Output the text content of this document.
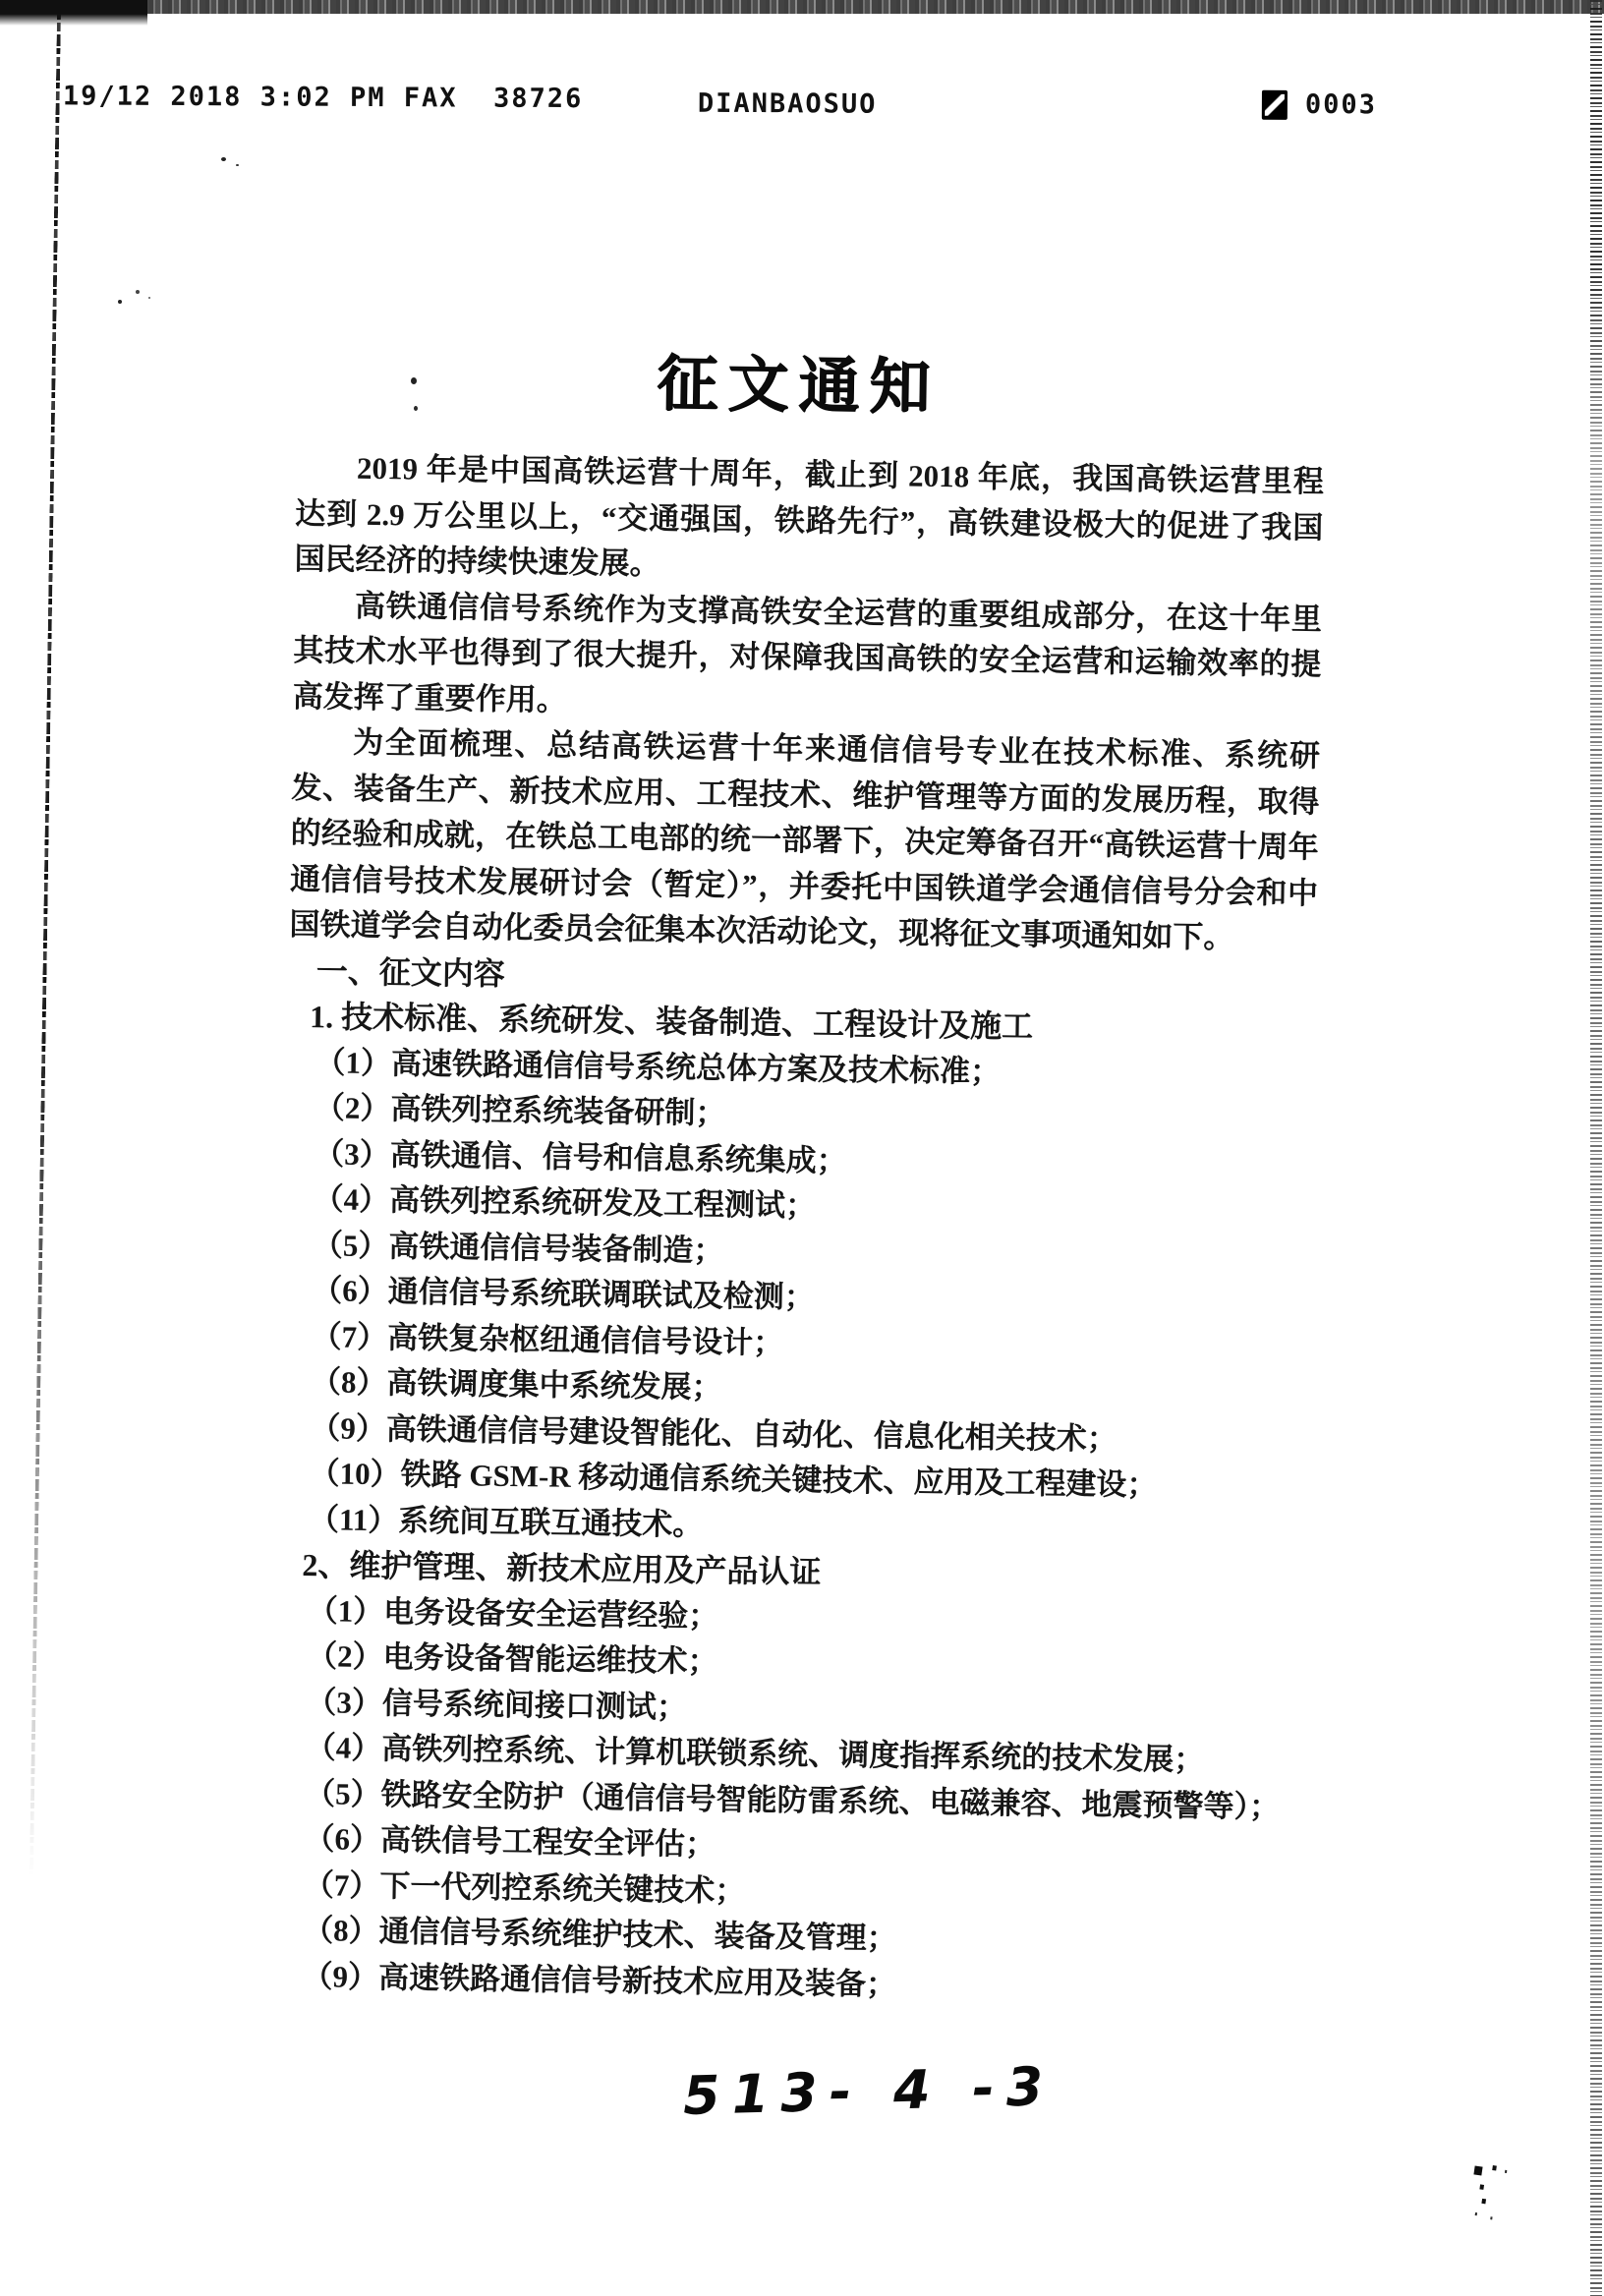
19/12 2018 3:02 PM FAX  38726	DIANBAOSUO	0003
征文通知

2019 年是中国高铁运营十周年，截止到 2018 年底，我国高铁运营里程达到 2.9 万公里以上，“交通强国，铁路先行”，高铁建设极大的促进了我国国民经济的持续快速发展。

高铁通信信号系统作为支撑高铁安全运营的重要组成部分，在这十年里其技术水平也得到了很大提升，对保障我国高铁的安全运营和运输效率的提高发挥了重要作用。

为全面梳理、总结高铁运营十年来通信信号专业在技术标准、系统研发、装备生产、新技术应用、工程技术、维护管理等方面的发展历程，取得的经验和成就，在铁总工电部的统一部署下，决定筹备召开“高铁运营十周年通信信号技术发展研讨会（暂定）”，并委托中国铁道学会通信信号分会和中国铁道学会自动化委员会征集本次活动论文，现将征文事项通知如下。

一、征文内容

1. 技术标准、系统研发、装备制造、工程设计及施工

（1）高速铁路通信信号系统总体方案及技术标准；

（2）高铁列控系统装备研制；

（3）高铁通信、信号和信息系统集成；

（4）高铁列控系统研发及工程测试；

（5）高铁通信信号装备制造；

（6）通信信号系统联调联试及检测；

（7）高铁复杂枢纽通信信号设计；

（8）高铁调度集中系统发展；

（9）高铁通信信号建设智能化、自动化、信息化相关技术；

（10）铁路 GSM-R 移动通信系统关键技术、应用及工程建设；

（11）系统间互联互通技术。

2、维护管理、新技术应用及产品认证

（1）电务设备安全运营经验；

（2）电务设备智能运维技术；

（3）信号系统间接口测试；

（4）高铁列控系统、计算机联锁系统、调度指挥系统的技术发展；

（5）铁路安全防护（通信信号智能防雷系统、电磁兼容、地震预警等）；

（6）高铁信号工程安全评估；

（7）下一代列控系统关键技术；

（8）通信信号系统维护技术、装备及管理；

（9）高速铁路通信信号新技术应用及装备；

513- 4 -3
